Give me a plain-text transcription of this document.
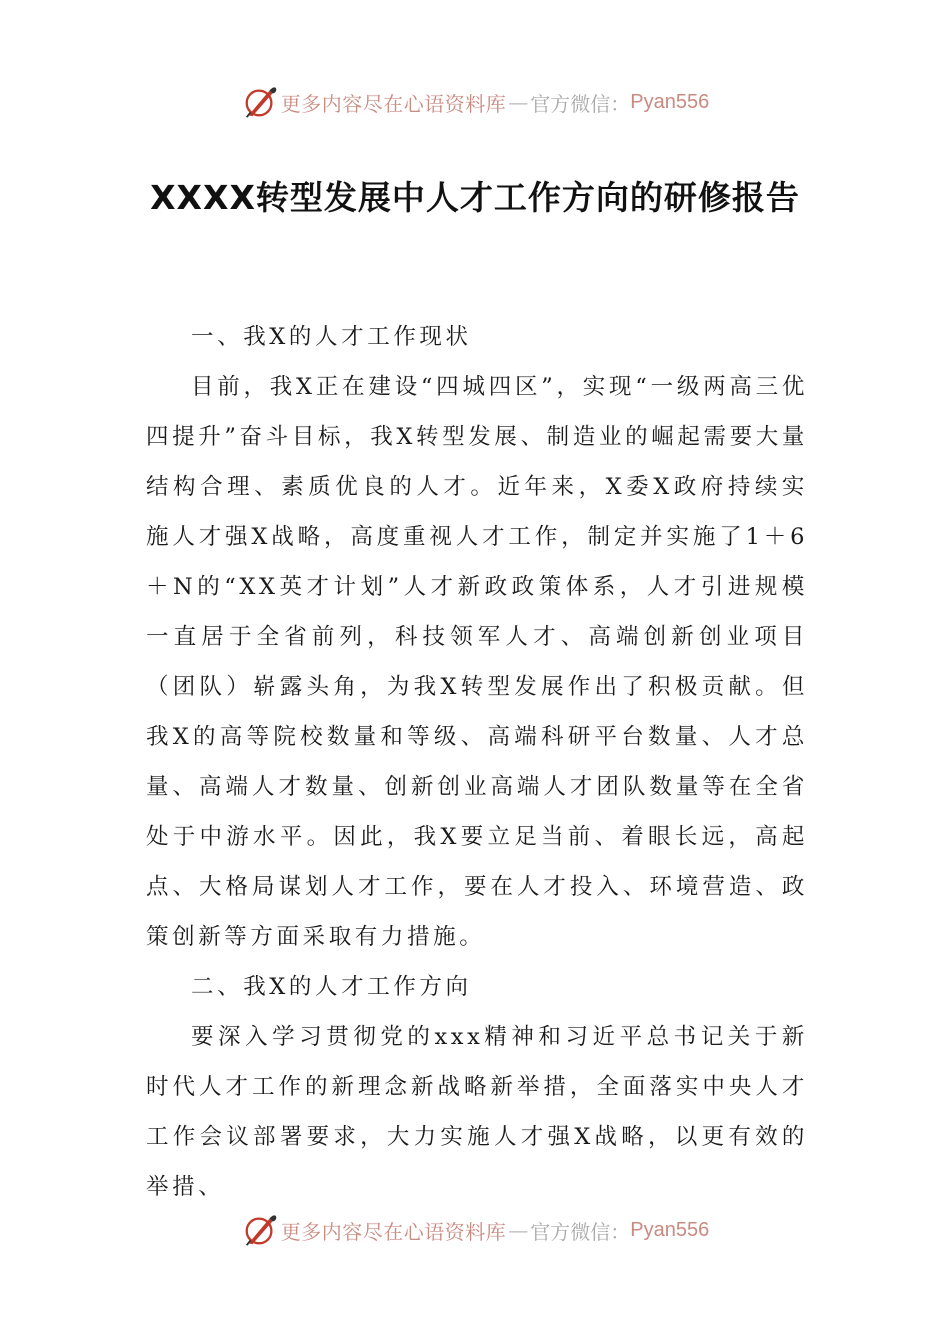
更多内容尽在心语资料库 — 官方微信： Pyan556
XXXX转型发展中人才工作方向的研修报告

一、我X的人才工作现状

目前，我X正在建设“四城四区”，实现“一级两高三优四提升”奋斗目标，我X转型发展、制造业的崛起需要大量结构合理、素质优良的人才。近年来，X委X政府持续实施人才强X战略，高度重视人才工作，制定并实施了1＋6＋N的“XX英才计划”人才新政政策体系，人才引进规模一直居于全省前列，科技领军人才、高端创新创业项目（团队）崭露头角，为我X转型发展作出了积极贡献。但我X的高等院校数量和等级、高端科研平台数量、人才总量、高端人才数量、创新创业高端人才团队数量等在全省处于中游水平。因此，我X要立足当前、着眼长远，高起点、大格局谋划人才工作，要在人才投入、环境营造、政策创新等方面采取有力措施。

二、我X的人才工作方向

要深入学习贯彻党的xxx精神和习近平总书记关于新时代人才工作的新理念新战略新举措，全面落实中央人才工作会议部署要求，大力实施人才强X战略，以更有效的举措、

更多内容尽在心语资料库 — 官方微信： Pyan556
